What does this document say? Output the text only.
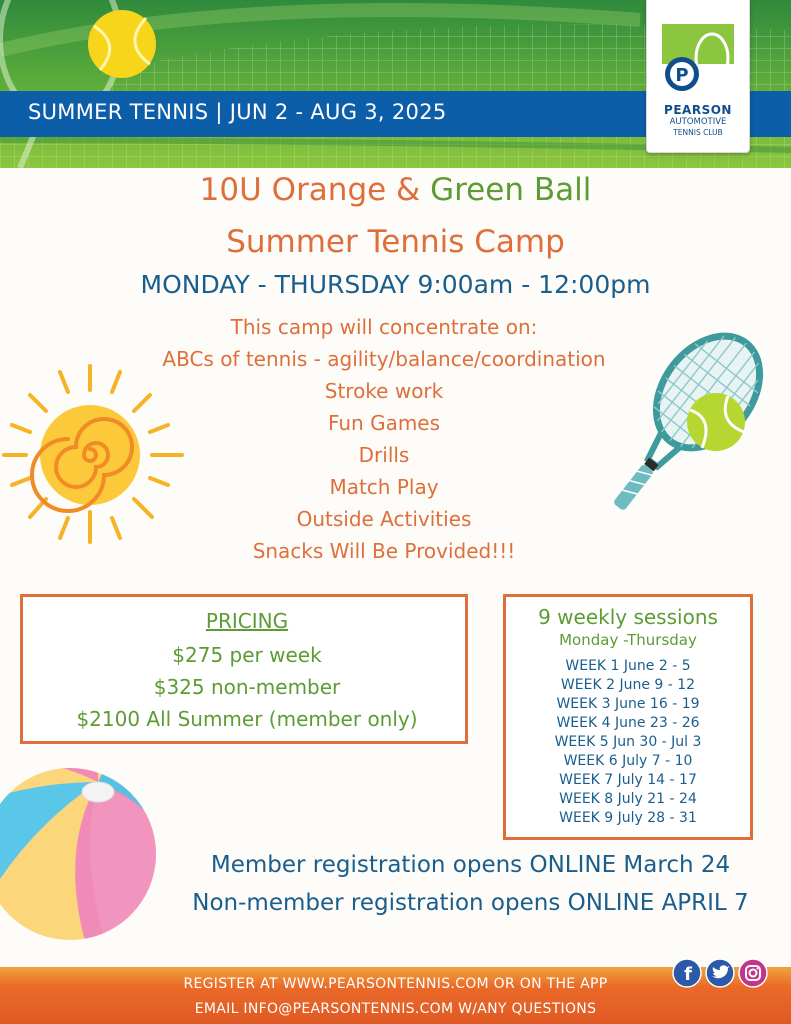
SUMMER TENNIS | JUN 2 - AUG 3, 2025
P
PEARSON
AUTOMOTIVE
TENNIS CLUB
10U Orange & Green Ball
Summer Tennis Camp
MONDAY - THURSDAY 9:00am - 12:00pm
This camp will concentrate on:
ABCs of tennis - agility/balance/coordination
Stroke work
Fun Games
Drills
Match Play
Outside Activities
Snacks Will Be Provided!!!
PRICING
$275 per week
$325 non-member
$2100 All Summer (member only)
9 weekly sessions
Monday -Thursday
WEEK 1 June 2 - 5
WEEK 2 June 9 - 12
WEEK 3 June 16 - 19
WEEK 4 June 23 - 26
WEEK 5 Jun 30 - Jul 3
WEEK 6 July 7 - 10
WEEK 7 July 14 - 17
WEEK 8 July 21 - 24
WEEK 9 July 28 - 31
Member registration opens ONLINE March 24
Non-member registration opens ONLINE APRIL 7
REGISTER AT WWW.PEARSONTENNIS.COM OR ON THE APP
EMAIL INFO@PEARSONTENNIS.COM W/ANY QUESTIONS
f
